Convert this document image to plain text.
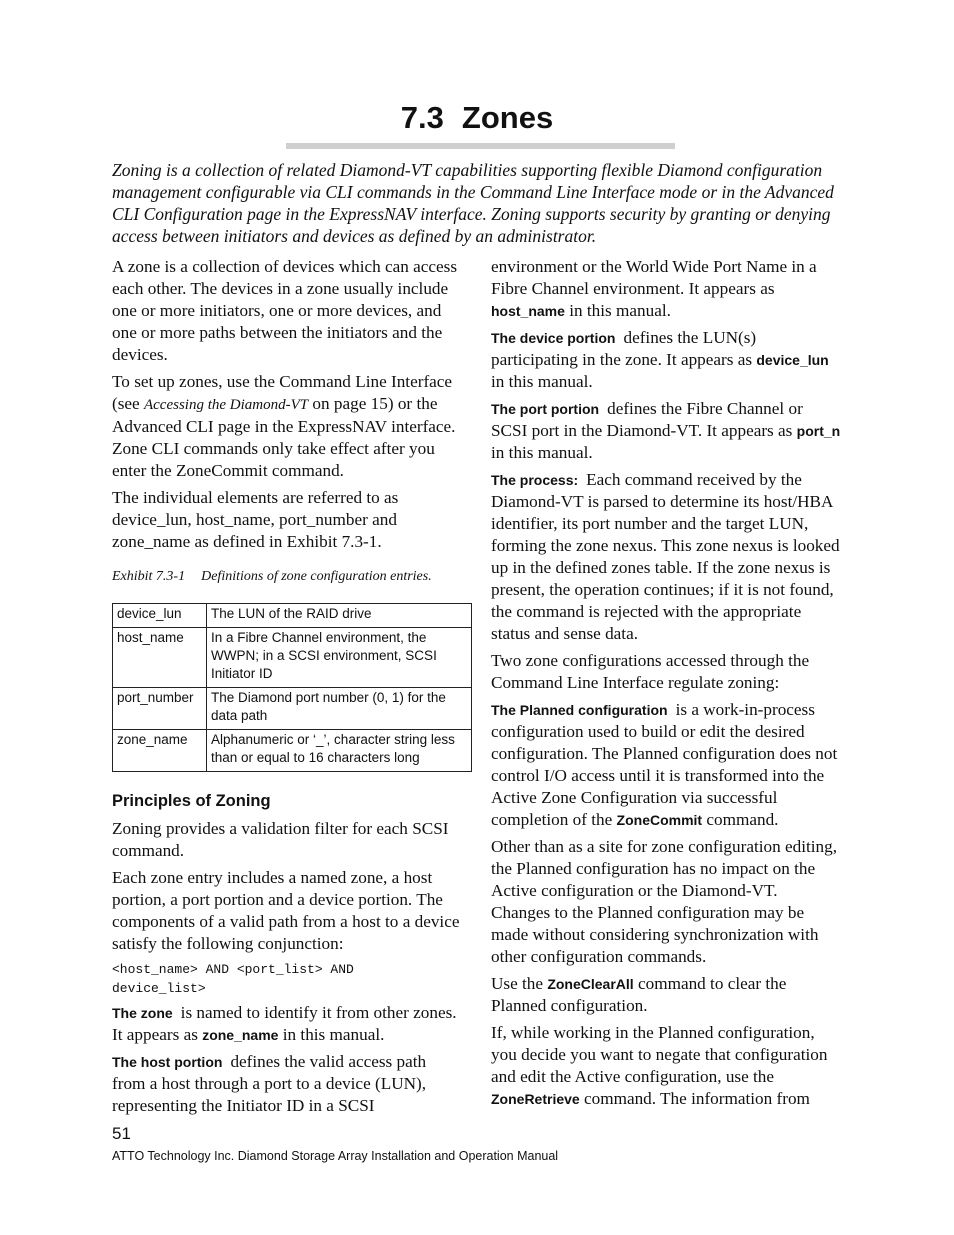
7.3 Zones

Zoning is a collection of related Diamond-VT capabilities supporting flexible Diamond configuration management configurable via CLI commands in the Command Line Interface mode or in the Advanced CLI Configuration page in the ExpressNAV interface. Zoning supports security by granting or denying access between initiators and devices as defined by an administrator.

A zone is a collection of devices which can access each other. The devices in a zone usually include one or more initiators, one or more devices, and one or more paths between the initiators and the devices.

To set up zones, use the Command Line Interface (see Accessing the Diamond-VT on page 15) or the Advanced CLI page in the ExpressNAV interface. Zone CLI commands only take effect after you enter the ZoneCommit command.

The individual elements are referred to as device_lun, host_name, port_number and zone_name as defined in Exhibit 7.3-1.

Exhibit 7.3-1 Definitions of zone configuration entries.

device_lun	The LUN of the RAID drive
host_name	In a Fibre Channel environment, the WWPN; in a SCSI environment, SCSI Initiator ID
port_number	The Diamond port number (0, 1) for the data path
zone_name	Alphanumeric or ‘_’, character string less than or equal to 16 characters long
Principles of Zoning

Zoning provides a validation filter for each SCSI command.

Each zone entry includes a named zone, a host portion, a port portion and a device portion. The components of a valid path from a host to a device satisfy the following conjunction:

<host_name> AND <port_list> AND
device_list>

The zone is named to identify it from other zones. It appears as zone_name in this manual.

The host portion defines the valid access path from a host through a port to a device (LUN), representing the Initiator ID in a SCSI

environment or the World Wide Port Name in a Fibre Channel environment. It appears as host_name in this manual.

The device portion defines the LUN(s) participating in the zone. It appears as device_lun in this manual.

The port portion defines the Fibre Channel or SCSI port in the Diamond-VT. It appears as port_n in this manual.

The process: Each command received by the Diamond-VT is parsed to determine its host/HBA identifier, its port number and the target LUN, forming the zone nexus. This zone nexus is looked up in the defined zones table. If the zone nexus is present, the operation continues; if it is not found, the command is rejected with the appropriate status and sense data.

Two zone configurations accessed through the Command Line Interface regulate zoning:

The Planned configuration is a work-in-process configuration used to build or edit the desired configuration. The Planned configuration does not control I/O access until it is transformed into the Active Zone Configuration via successful completion of the ZoneCommit command.

Other than as a site for zone configuration editing, the Planned configuration has no impact on the Active configuration or the Diamond-VT. Changes to the Planned configuration may be made without considering synchronization with other configuration commands.

Use the ZoneClearAll command to clear the Planned configuration.

If, while working in the Planned configuration, you decide you want to negate that configuration and edit the Active configuration, use the ZoneRetrieve command. The information from

51
ATTO Technology Inc. Diamond Storage Array Installation and Operation Manual
